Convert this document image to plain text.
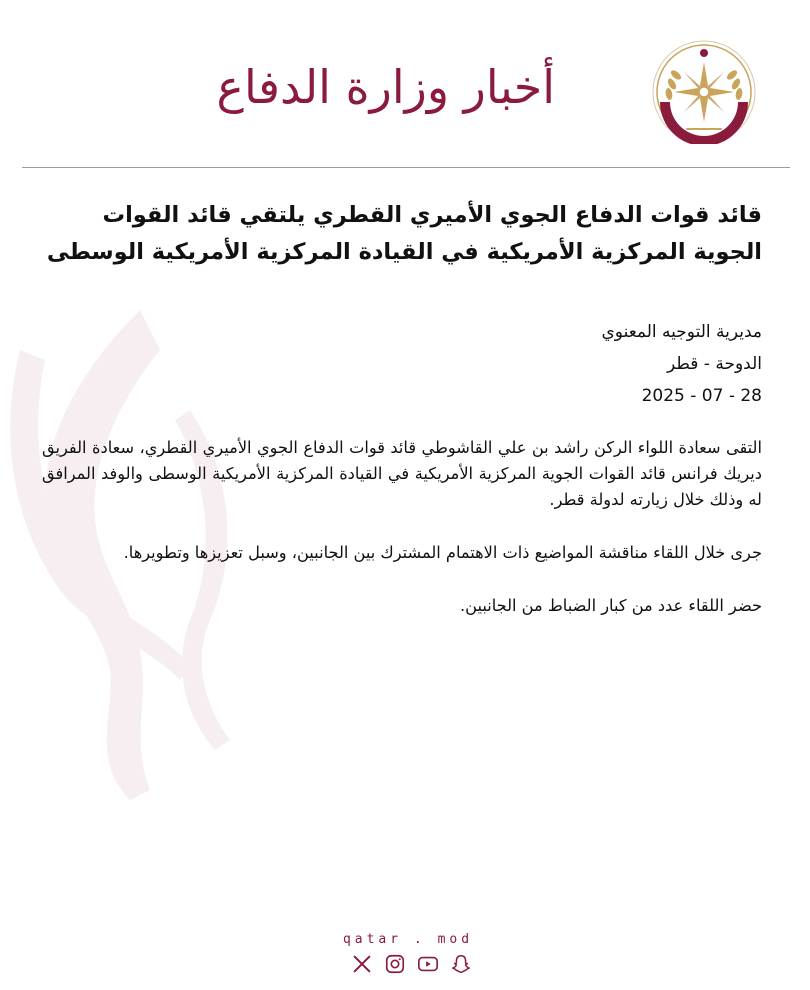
أخبار وزارة الدفاع
قائد قوات الدفاع الجوي الأميري القطري يلتقي قائد القوات الجوية المركزية الأمريكية في القيادة المركزية الأمريكية الوسطى
مديرية التوجيه المعنوي
الدوحة - قطر
2025 - 07 - 28

التقى سعادة اللواء الركن راشد بن علي القاشوطي قائد قوات الدفاع الجوي الأميري القطري، سعادة الفريق ديريك فرانس قائد القوات الجوية المركزية الأمريكية في القيادة المركزية الأمريكية الوسطى والوفد المرافق له وذلك خلال زيارته لدولة قطر.

جرى خلال اللقاء مناقشة المواضيع ذات الاهتمام المشترك بين الجانبين، وسبل تعزيزها وتطويرها.

حضر اللقاء عدد من كبار الضباط من الجانبين.

qatar . mod
